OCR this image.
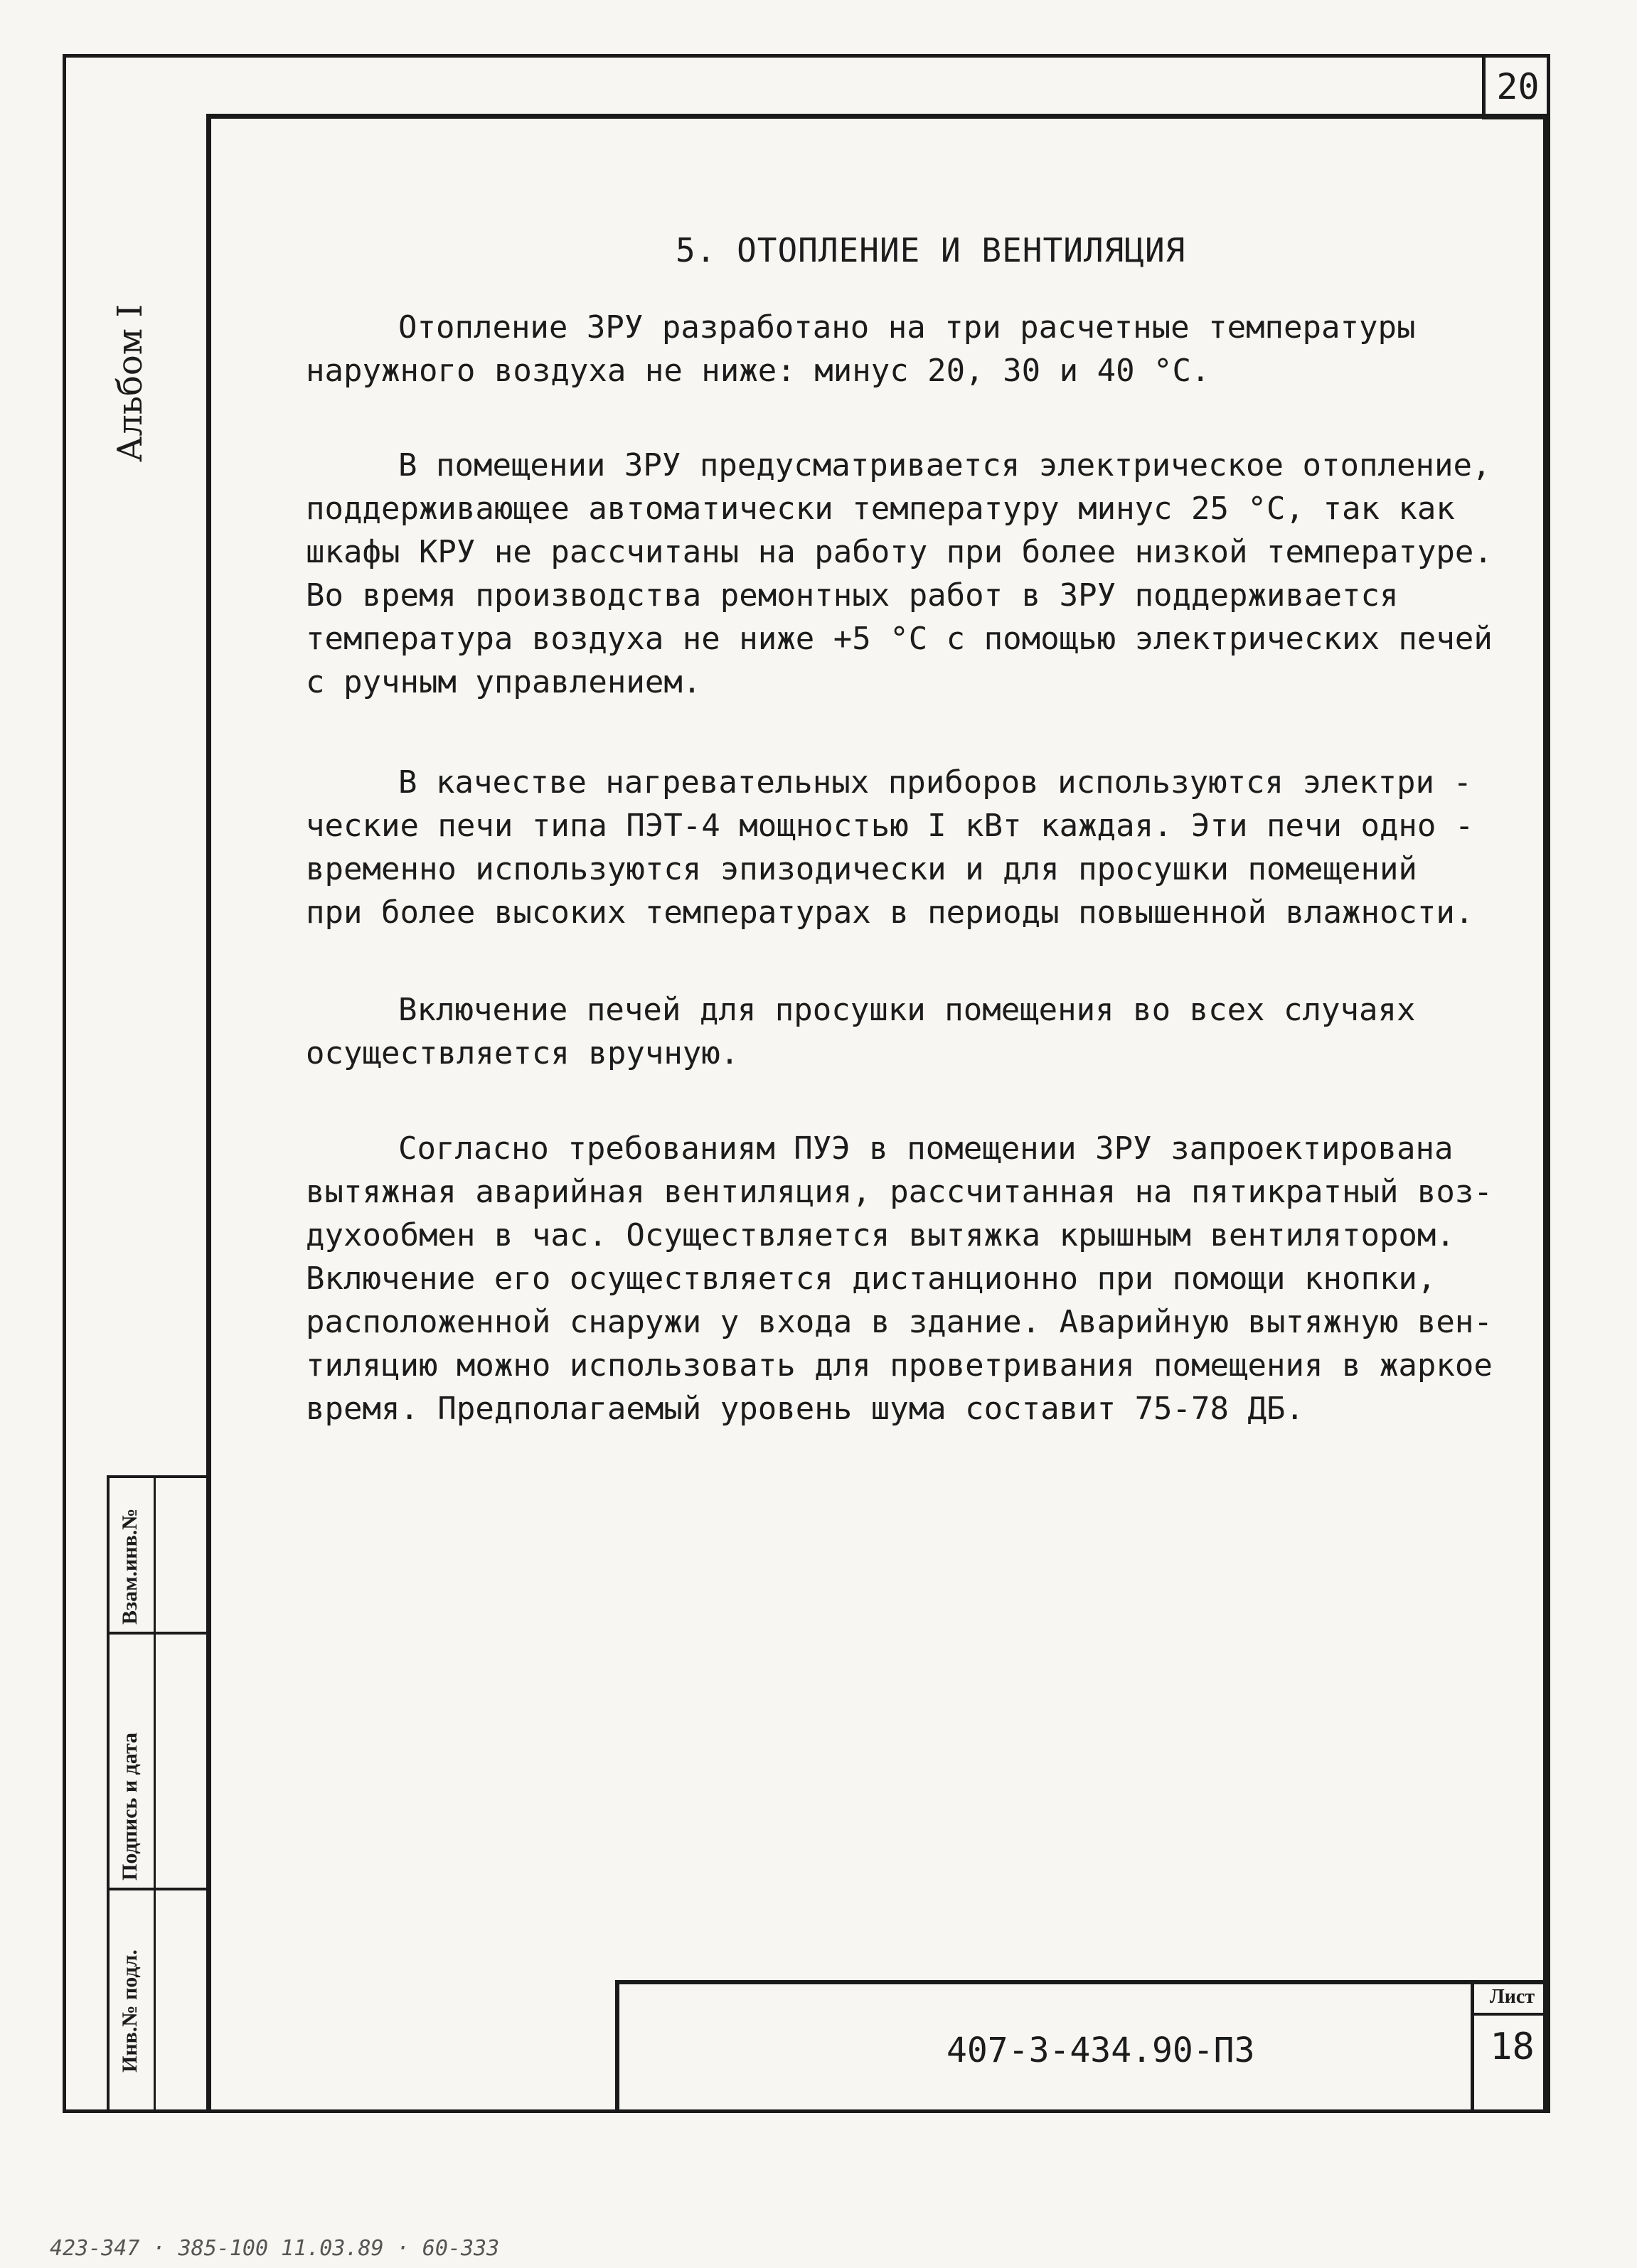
20
Альбом I
Взам.инв.№
Подпись и дата
Инв.№ подл.
5. ОТОПЛЕНИЕ И ВЕНТИЛЯЦИЯ

Отопление ЗРУ разработано на три расчетные температуры
наружного воздуха не ниже: минус 20, 30 и 40 °С.

В помещении ЗРУ предусматривается электрическое отопление,
поддерживающее автоматически температуру минус 25 °С, так как
шкафы КРУ не рассчитаны на работу при более низкой температуре.
Во время производства ремонтных работ в ЗРУ поддерживается
температура воздуха не ниже +5 °С с помощью электрических печей
с ручным управлением.

В качестве нагревательных приборов используются электри -
ческие печи типа ПЭТ-4 мощностью I кВт каждая. Эти печи одно -
временно используются эпизодически и для просушки помещений
при более высоких температурах в периоды повышенной влажности.

Включение печей для просушки помещения во всех случаях
осуществляется вручную.

Согласно требованиям ПУЭ в помещении ЗРУ запроектирована
вытяжная аварийная вентиляция, рассчитанная на пятикратный воз-
духообмен в час. Осуществляется вытяжка крышным вентилятором.
Включение его осуществляется дистанционно при помощи кнопки,
расположенной снаружи у входа в здание. Аварийную вытяжную вен-
тиляцию можно использовать для проветривания помещения в жаркое
время. Предполагаемый уровень шума составит 75-78 ДБ.

407-3-434.90-ПЗ
Лист
18
423-347 · 385-100 11.03.89 · 60-333
